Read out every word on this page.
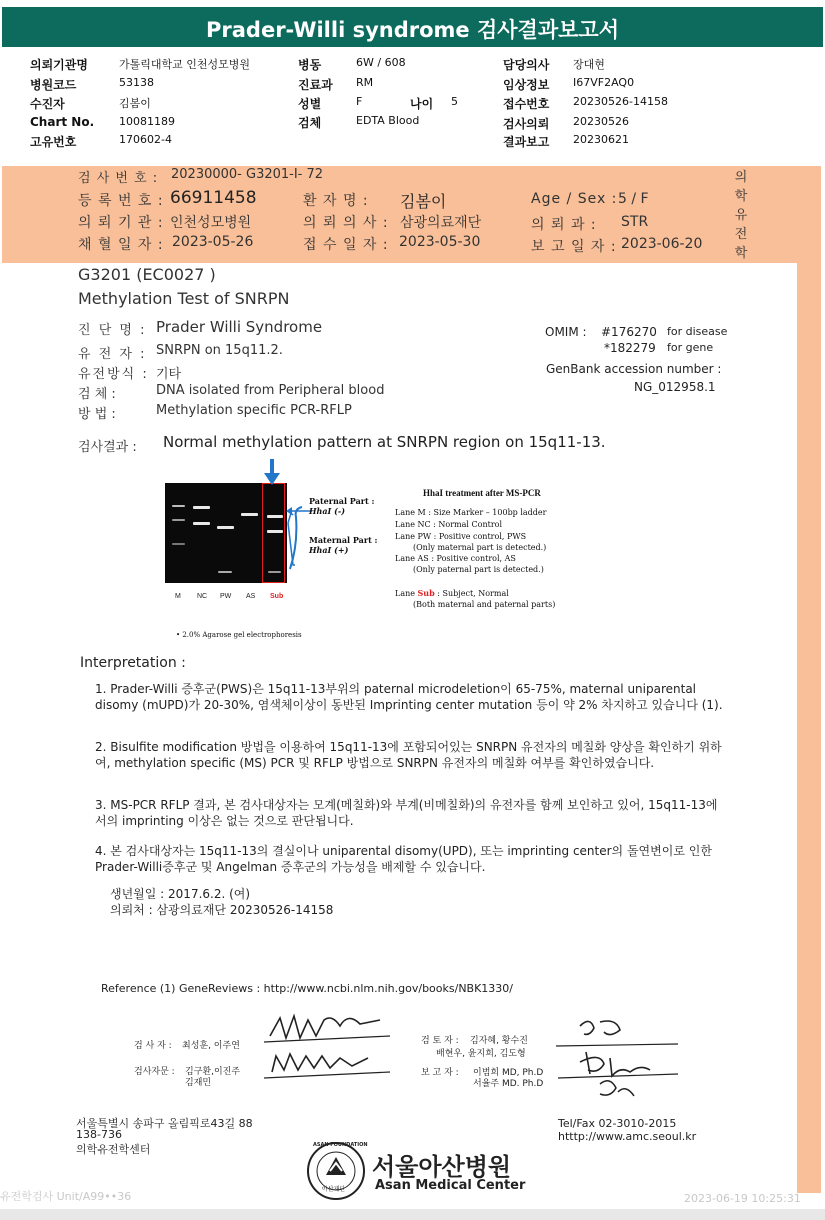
Prader-Willi syndrome 검사결과보고서
의뢰기관명	가톨릭대학교 인천성모병원
병원코드	53138
수진자	김봄이
Chart No. 10081189
고유번호	170602-4
병동	6W / 608
진료과 RM
성별	F	나이 5
검체	EDTA Blood
담당의사 장대현
임상정보 I67VF2AQ0
접수번호 20230526-14158
검사의뢰 20230526
결과보고 20230621
의
학
유
전
학
검 사 번 호 : 20230000- G3201-I- 72
등 록 번 호 : 66911458	환 자 명 : 김봄이	Age / Sex : 5 / F
의 뢰 기 관 : 인천성모병원	의 뢰 의 사 : 삼광의료재단	의 뢰 과 : STR
채 혈 일 자 : 2023-05-26	접 수 일 자 : 2023-05-30	보 고 일 자 : 2023-06-20
G3201 (EC0027 )
Methylation Test of SNRPN
진 단 명 : Prader Willi Syndrome
유 전 자 : SNRPN on 15q11.2.
유전방식 : 기타
검 체 :	DNA isolated from Peripheral blood
방 법 :	Methylation specific PCR-RFLP
OMIM : #176270 for disease
*182279 for gene
GenBank accession number :
NG_012958.1
검사결과 : Normal methylation pattern at SNRPN region on 15q11-13.
Paternal Part :
HhaI (-)
Maternal Part :
HhaI (+)
M NC PW AS Sub
HhaI treatment after MS-PCR
Lane M : Size Marker – 100bp ladder
Lane NC : Normal Control
Lane PW : Positive control, PWS
(Only maternal part is detected.)
Lane AS : Positive control, AS
(Only paternal part is detected.)
Lane Sub : Subject, Normal
(Both maternal and paternal parts)
• 2.0% Agarose gel electrophoresis
Interpretation :
1. Prader-Willi 증후군(PWS)은 15q11-13부위의 paternal microdeletion이 65-75%, maternal uniparental disomy (mUPD)가 20-30%, 염색체이상이 동반된 Imprinting center mutation 등이 약 2% 차지하고 있습니다 (1).
2. Bisulfite modification 방법을 이용하여 15q11-13에 포함되어있는 SNRPN 유전자의 메칠화 양상을 확인하기 위하여, methylation specific (MS) PCR 및 RFLP 방법으로 SNRPN 유전자의 메칠화 여부를 확인하였습니다.
3. MS-PCR RFLP 결과, 본 검사대상자는 모계(메칠화)와 부계(비메칠화)의 유전자를 함께 보인하고 있어, 15q11-13에서의 imprinting 이상은 없는 것으로 판단됩니다.
4. 본 검사대상자는 15q11-13의 결실이나 uniparental disomy(UPD), 또는 imprinting center의 돌연변이로 인한 Prader-Willi증후군 및 Angelman 증후군의 가능성을 배제할 수 있습니다.
생년월일 : 2017.6.2. (여)
의뢰처 : 삼광의료재단 20230526-14158
Reference (1) GeneReviews : http://www.ncbi.nlm.nih.gov/books/NBK1330/
검 사 자 : 최성훈, 이주연
검사자문 : 김구환,이진주
김재민
검 토 자 : 김자혜, 황수진
배현우, 윤지희, 김도형
보 고 자 : 이범희 MD, Ph.D
서율주 MD. Ph.D
서울특별시 송파구 올림픽로43길 88
138-736
의학유전학센터
Tel/Fax 02-3010-2015
htttp://www.amc.seoul.kr
ASAN FOUNDATION
아산재단
서울아산병원
Asan Medical Center
유전학검사 Unit/A99••36	2023-06-19 10:25:31
